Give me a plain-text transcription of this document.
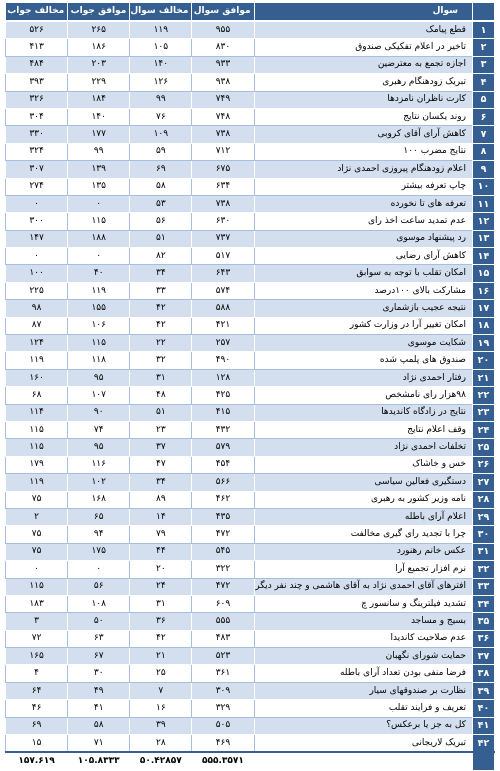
	سوال	موافق سوال	مخالف سوال	موافق جواب	مخالف جواب
۱	قطع پیامک	۹۵۵	۱۱۹	۲۶۵	۵۲۶
۲	تاخیر در اعلام تفکیکی صندوق	۸۳۰	۱۰۵	۱۸۶	۴۱۳
۳	اجازه تجمع به معترضین	۹۳۳	۱۴۰	۲۰۳	۴۸۴
۴	تبریک زودهنگام رهبری	۹۳۸	۱۲۶	۲۲۹	۳۹۳
۵	کارت ناظران نامزدها	۷۴۹	۹۹	۱۸۴	۳۲۶
۶	روند یکسان نتایج	۷۴۸	۷۶	۱۴۰	۳۰۴
۷	کاهش آرای آقای کروبی	۷۳۸	۱۰۹	۱۷۷	۳۳۰
۸	نتایج مضرب ۱۰۰	۷۱۲	۵۹	۹۹	۳۲۴
۹	اعلام زودهنگام پیروزی احمدی نژاد	۶۷۵	۶۹	۱۳۹	۳۰۷
۱۰	چاپ تعرفه بیشتر	۶۳۴	۵۸	۱۳۵	۲۷۴
۱۱	تعرفه های تا نخورده	۷۳۸	۵۳	۰	۰
۱۲	عدم تمدید ساعت اخذ رای	۶۳۰	۵۶	۱۱۵	۳۰۰
۱۳	رد پیشنهاد موسوی	۷۳۷	۵۱	۱۸۸	۱۴۷
۱۴	کاهش آرای رضایی	۵۱۷	۸۲	۰	۰
۱۵	امکان تقلب با توجه به سوابق	۶۴۳	۳۴	۴۰	۱۰۰
۱۶	مشارکت بالای ۱۰۰درصد	۵۷۴	۳۳	۱۱۹	۲۲۵
۱۷	نتیجه عجیب بازشماری	۵۸۸	۴۲	۱۵۵	۹۸
۱۸	امکان تغییر آرا در وزارت کشور	۴۲۱	۴۲	۱۰۶	۸۷
۱۹	شکایت موسوی	۲۵۷	۲۲	۱۱۵	۱۲۴
۲۰	صندوق های پلمپ شده	۴۹۰	۳۲	۱۱۸	۱۱۹
۲۱	رفتار احمدی نژاد	۱۲۸	۳۱	۹۵	۱۶۰
۲۲	۹۸هزار رای نامشخص	۴۲۵	۴۸	۱۰۷	۶۸
۲۳	نتایج در زادگاه کاندیدها	۴۱۵	۵۱	۹۰	۱۱۴
۲۴	وقف اعلام نتایج	۴۳۲	۲۳	۷۴	۱۱۵
۲۵	تخلفات احمدی نژاد	۵۷۹	۳۷	۹۵	۱۱۵
۲۶	خس و خاشاک	۴۵۴	۴۷	۱۱۶	۱۷۹
۲۷	دستگیری فعالین سیاسی	۵۶۶	۳۴	۱۰۲	۱۱۹
۲۸	نامه وزیر کشور به رهبری	۴۶۲	۸۹	۱۶۸	۷۵
۲۹	اعلام آرای باطله	۴۳۵	۱۴	۶۵	۲
۳۰	چرا با تجدید رای گیری مخالفت	۴۷۲	۷۹	۹۴	۷۵
۳۱	عکس خانم رهنورد	۵۴۵	۴۴	۱۷۵	۷۵
۳۲	نرم افزار تجمیع آرا	۳۲۲	۲۰	۰	۰
۳۳	افترهای آقای احمدی نژاد به آقای هاشمی و چند نفر دیگر	۴۷۲	۲۴	۵۶	۱۱۵
۳۴	تشدید فیلترینگ و سانسور چ	۶۰۹	۳۱	۱۰۸	۱۸۳
۳۵	بسیج و مساجد	۵۵۵	۳۶	۵۰	۳
۳۶	عدم صلاحیت کاندیدا	۴۸۳	۴۲	۶۳	۷۲
۳۷	حمایت شورای نگهبان	۵۲۳	۲۱	۶۷	۱۶۵
۳۸	فرضا منفی بودن تعداد آرای باطله	۳۶۱	۲۵	۳۰	۴
۳۹	نظارت بر صندوقهای سیار	۳۰۹	۷	۴۹	۶۴
۴۰	تعریف و فرایند تقلب	۳۲۹	۱۶	۴۱	۴۶
۴۱	کل به جز یا برعکس؟	۵۰۵	۳۹	۵۸	۶۹
۴۲	تبریک لاریجانی	۴۶۹	۲۸	۷۱	۱۵
		۵۵۵.۳۵۷۱	۵۰.۴۲۸۵۷	۱۰۵.۸۳۳۳	۱۵۷.۶۱۹
